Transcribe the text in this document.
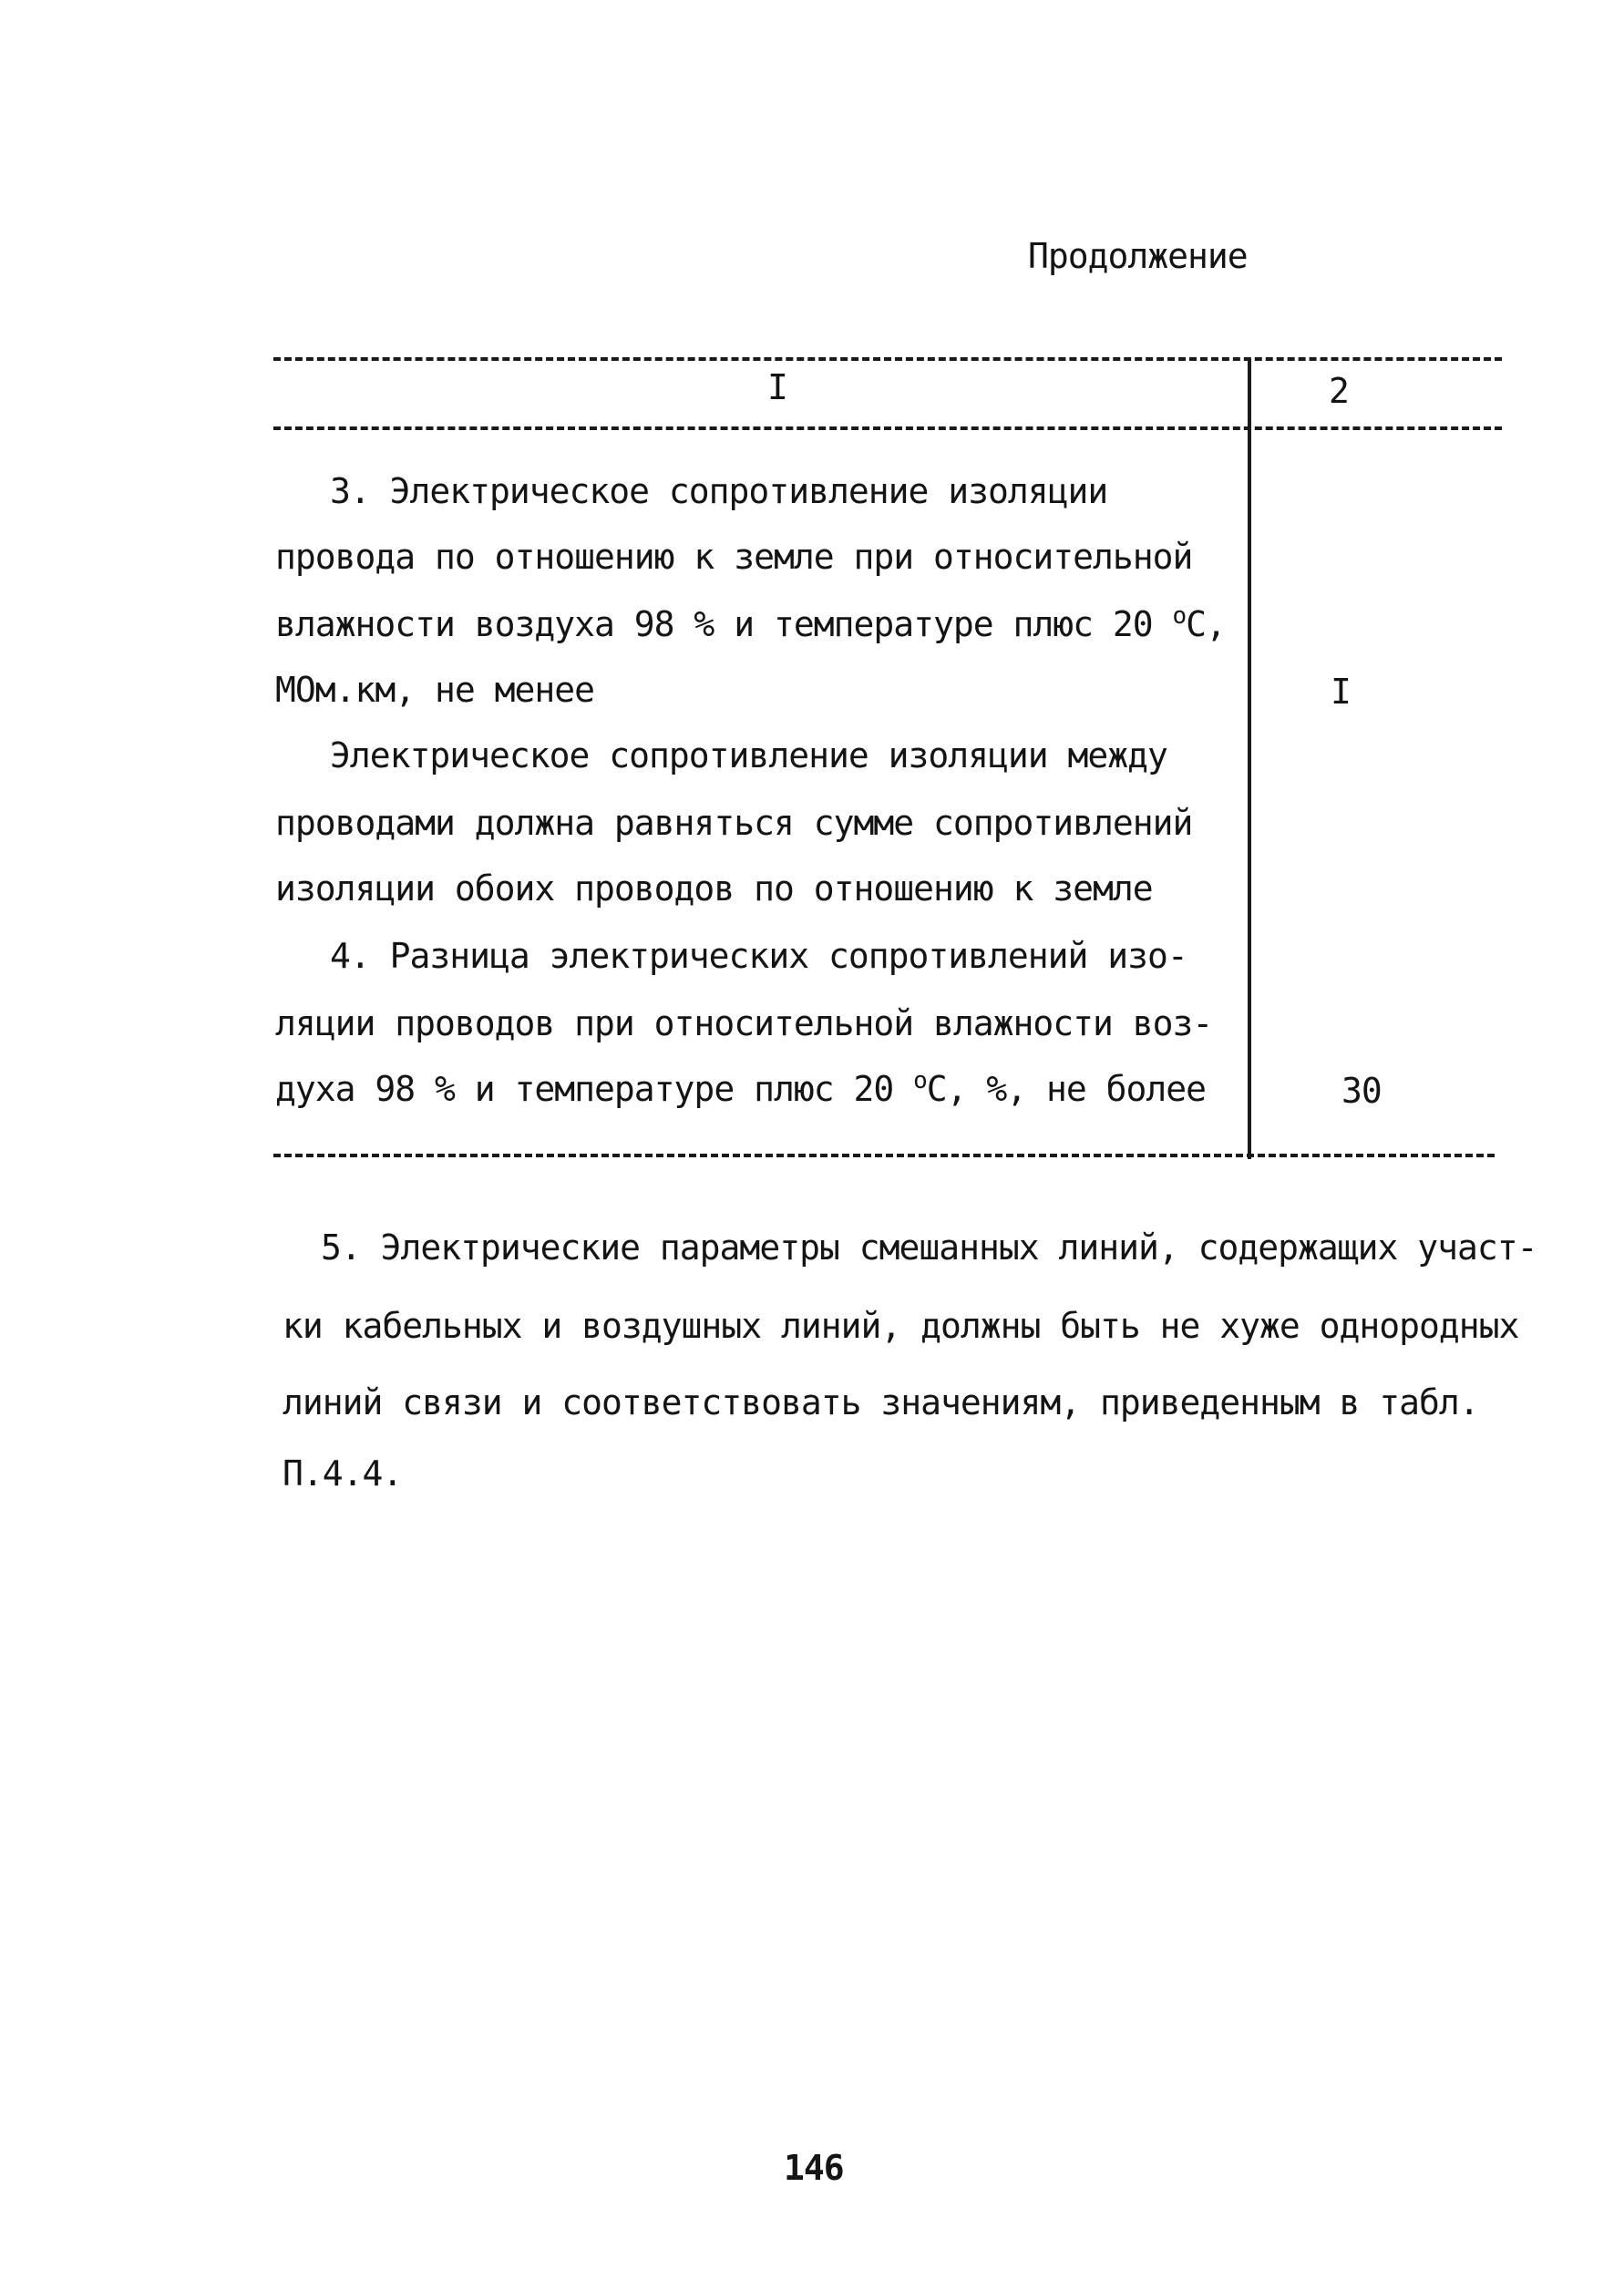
Продолжение
I	2
3. Электрическое сопротивление изоляции
провода по отношению к земле при относительной
влажности воздуха 98 % и температуре плюс 20 $^о$С,
МОм.км, не менее	I
Электрическое сопротивление изоляции между
проводами должна равняться сумме сопротивлений
изоляции обоих проводов по отношению к земле
4. Разница электрических сопротивлений изо-
ляции проводов при относительной влажности воз-
духа 98 % и температуре плюс 20 $^о$С, %, не более	30
5. Электрические параметры смешанных линий, содержащих участ-
ки кабельных и воздушных линий, должны быть не хуже однородных
линий связи и соответствовать значениям, приведенным в табл.
П.4.4.
146
